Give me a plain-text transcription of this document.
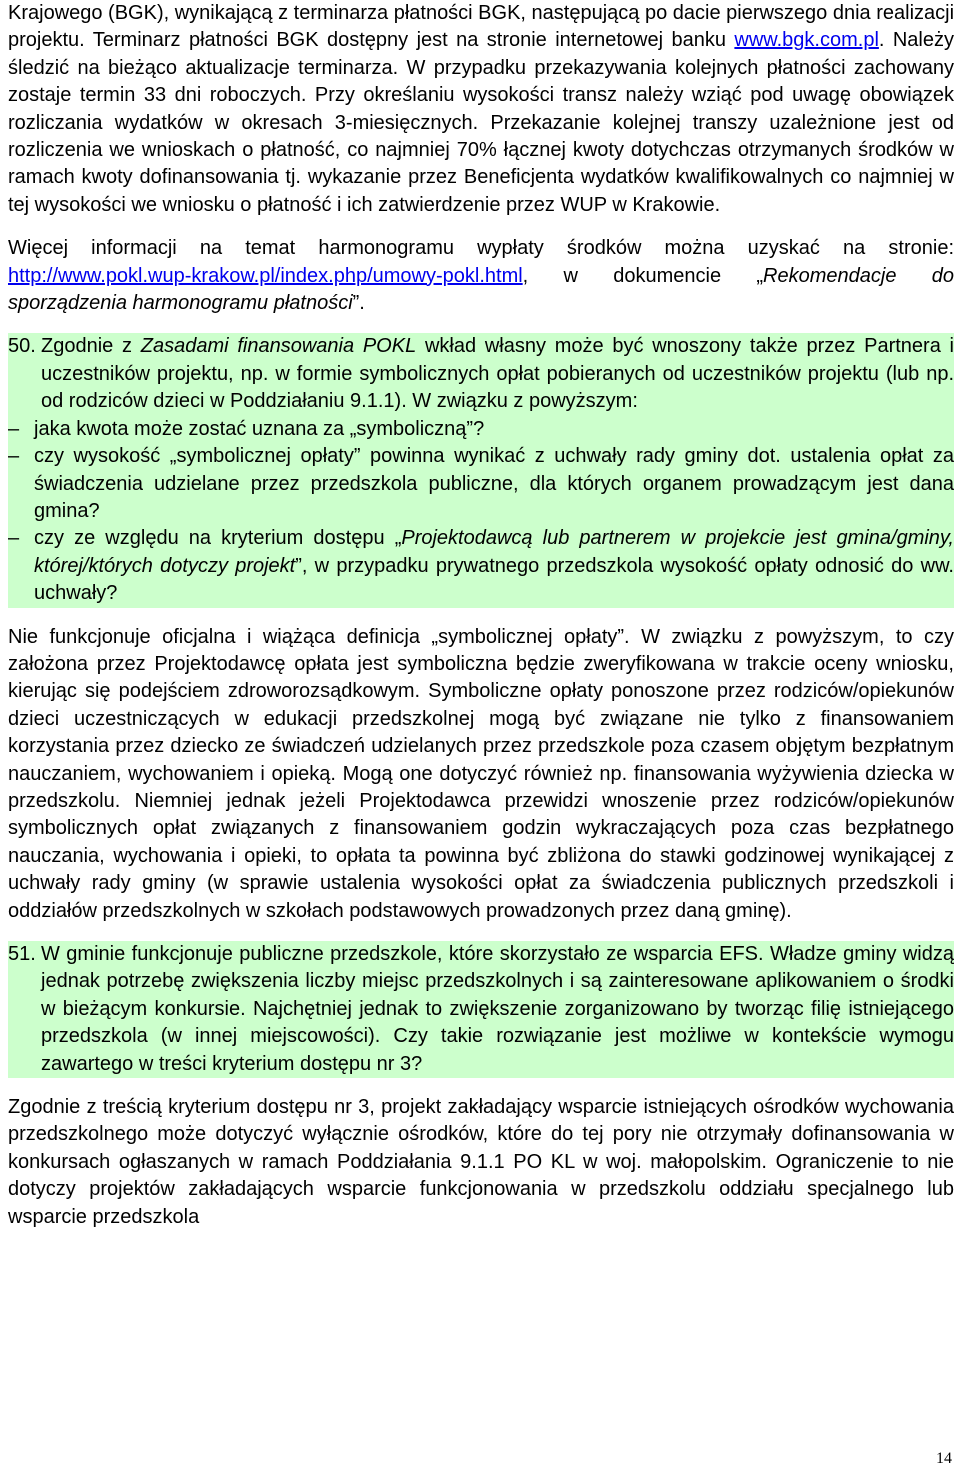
Krajowego (BGK), wynikającą z terminarza płatności BGK, następującą po dacie pierwszego dnia realizacji projektu. Terminarz płatności BGK dostępny jest na stronie internetowej banku www.bgk.com.pl. Należy śledzić na bieżąco aktualizacje terminarza. W przypadku przekazywania kolejnych płatności zachowany zostaje termin 33 dni roboczych. Przy określaniu wysokości transz należy wziąć pod uwagę obowiązek rozliczania wydatków w okresach 3-miesięcznych. Przekazanie kolejnej transzy uzależnione jest od rozliczenia we wnioskach o płatność, co najmniej 70% łącznej kwoty dotychczas otrzymanych środków w ramach kwoty dofinansowania tj. wykazanie przez Beneficjenta wydatków kwalifikowalnych co najmniej w tej wysokości we wniosku o płatność i ich zatwierdzenie przez WUP w Krakowie.

Więcej informacji na temat harmonogramu wypłaty środków można uzyskać na stronie: http://www.pokl.wup-krakow.pl/index.php/umowy-pokl.html, w dokumencie „Rekomendacje do sporządzenia harmonogramu płatności”.

50. Zgodnie z Zasadami finansowania POKL wkład własny może być wnoszony także przez Partnera i uczestników projektu, np. w formie symbolicznych opłat pobieranych od uczestników projektu (lub np. od rodziców dzieci w Poddziałaniu 9.1.1). W związku z powyższym:

– jaka kwota może zostać uznana za „symboliczną”?

– czy wysokość „symbolicznej opłaty” powinna wynikać z uchwały rady gminy dot. ustalenia opłat za świadczenia udzielane przez przedszkola publiczne, dla których organem prowadzącym jest dana gmina?

– czy ze względu na kryterium dostępu „Projektodawcą lub partnerem w projekcie jest gmina/gminy, której/których dotyczy projekt”, w przypadku prywatnego przedszkola wysokość opłaty odnosić do ww. uchwały?

Nie funkcjonuje oficjalna i wiążąca definicja „symbolicznej opłaty”. W związku z powyższym, to czy założona przez Projektodawcę opłata jest symboliczna będzie zweryfikowana w trakcie oceny wniosku, kierując się podejściem zdroworozsądkowym. Symboliczne opłaty ponoszone przez rodziców/opiekunów dzieci uczestniczących w edukacji przedszkolnej mogą być związane nie tylko z finansowaniem korzystania przez dziecko ze świadczeń udzielanych przez przedszkole poza czasem objętym bezpłatnym nauczaniem, wychowaniem i opieką. Mogą one dotyczyć również np. finansowania wyżywienia dziecka w przedszkolu. Niemniej jednak jeżeli Projektodawca przewidzi wnoszenie przez rodziców/opiekunów symbolicznych opłat związanych z finansowaniem godzin wykraczających poza czas bezpłatnego nauczania, wychowania i opieki, to opłata ta powinna być zbliżona do stawki godzinowej wynikającej z uchwały rady gminy (w sprawie ustalenia wysokości opłat za świadczenia publicznych przedszkoli i oddziałów przedszkolnych w szkołach podstawowych prowadzonych przez daną gminę).

51. W gminie funkcjonuje publiczne przedszkole, które skorzystało ze wsparcia EFS. Władze gminy widzą jednak potrzebę zwiększenia liczby miejsc przedszkolnych i są zainteresowane aplikowaniem o środki w bieżącym konkursie. Najchętniej jednak to zwiększenie zorganizowano by tworząc filię istniejącego przedszkola (w innej miejscowości). Czy takie rozwiązanie jest możliwe w kontekście wymogu zawartego w treści kryterium dostępu nr 3?

Zgodnie z treścią kryterium dostępu nr 3, projekt zakładający wsparcie istniejących ośrodków wychowania przedszkolnego może dotyczyć wyłącznie ośrodków, które do tej pory nie otrzymały dofinansowania w konkursach ogłaszanych w ramach Poddziałania 9.1.1 PO KL w woj. małopolskim. Ograniczenie to nie dotyczy projektów zakładających wsparcie funkcjonowania w przedszkolu oddziału specjalnego lub wsparcie przedszkola

14
